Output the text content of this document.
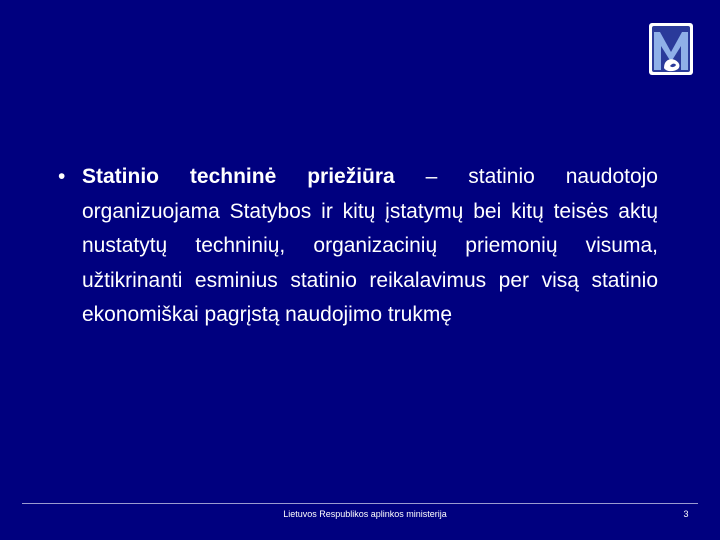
• Statinio techninė priežiūra – statinio naudotojo organizuojama Statybos ir kitų įstatymų bei kitų teisės aktų nustatytų techninių, organizacinių priemonių visuma, užtikrinanti esminius statinio reikalavimus per visą statinio ekonomiškai pagrįstą naudojimo trukmę
Lietuvos Respublikos aplinkos ministerija	3
